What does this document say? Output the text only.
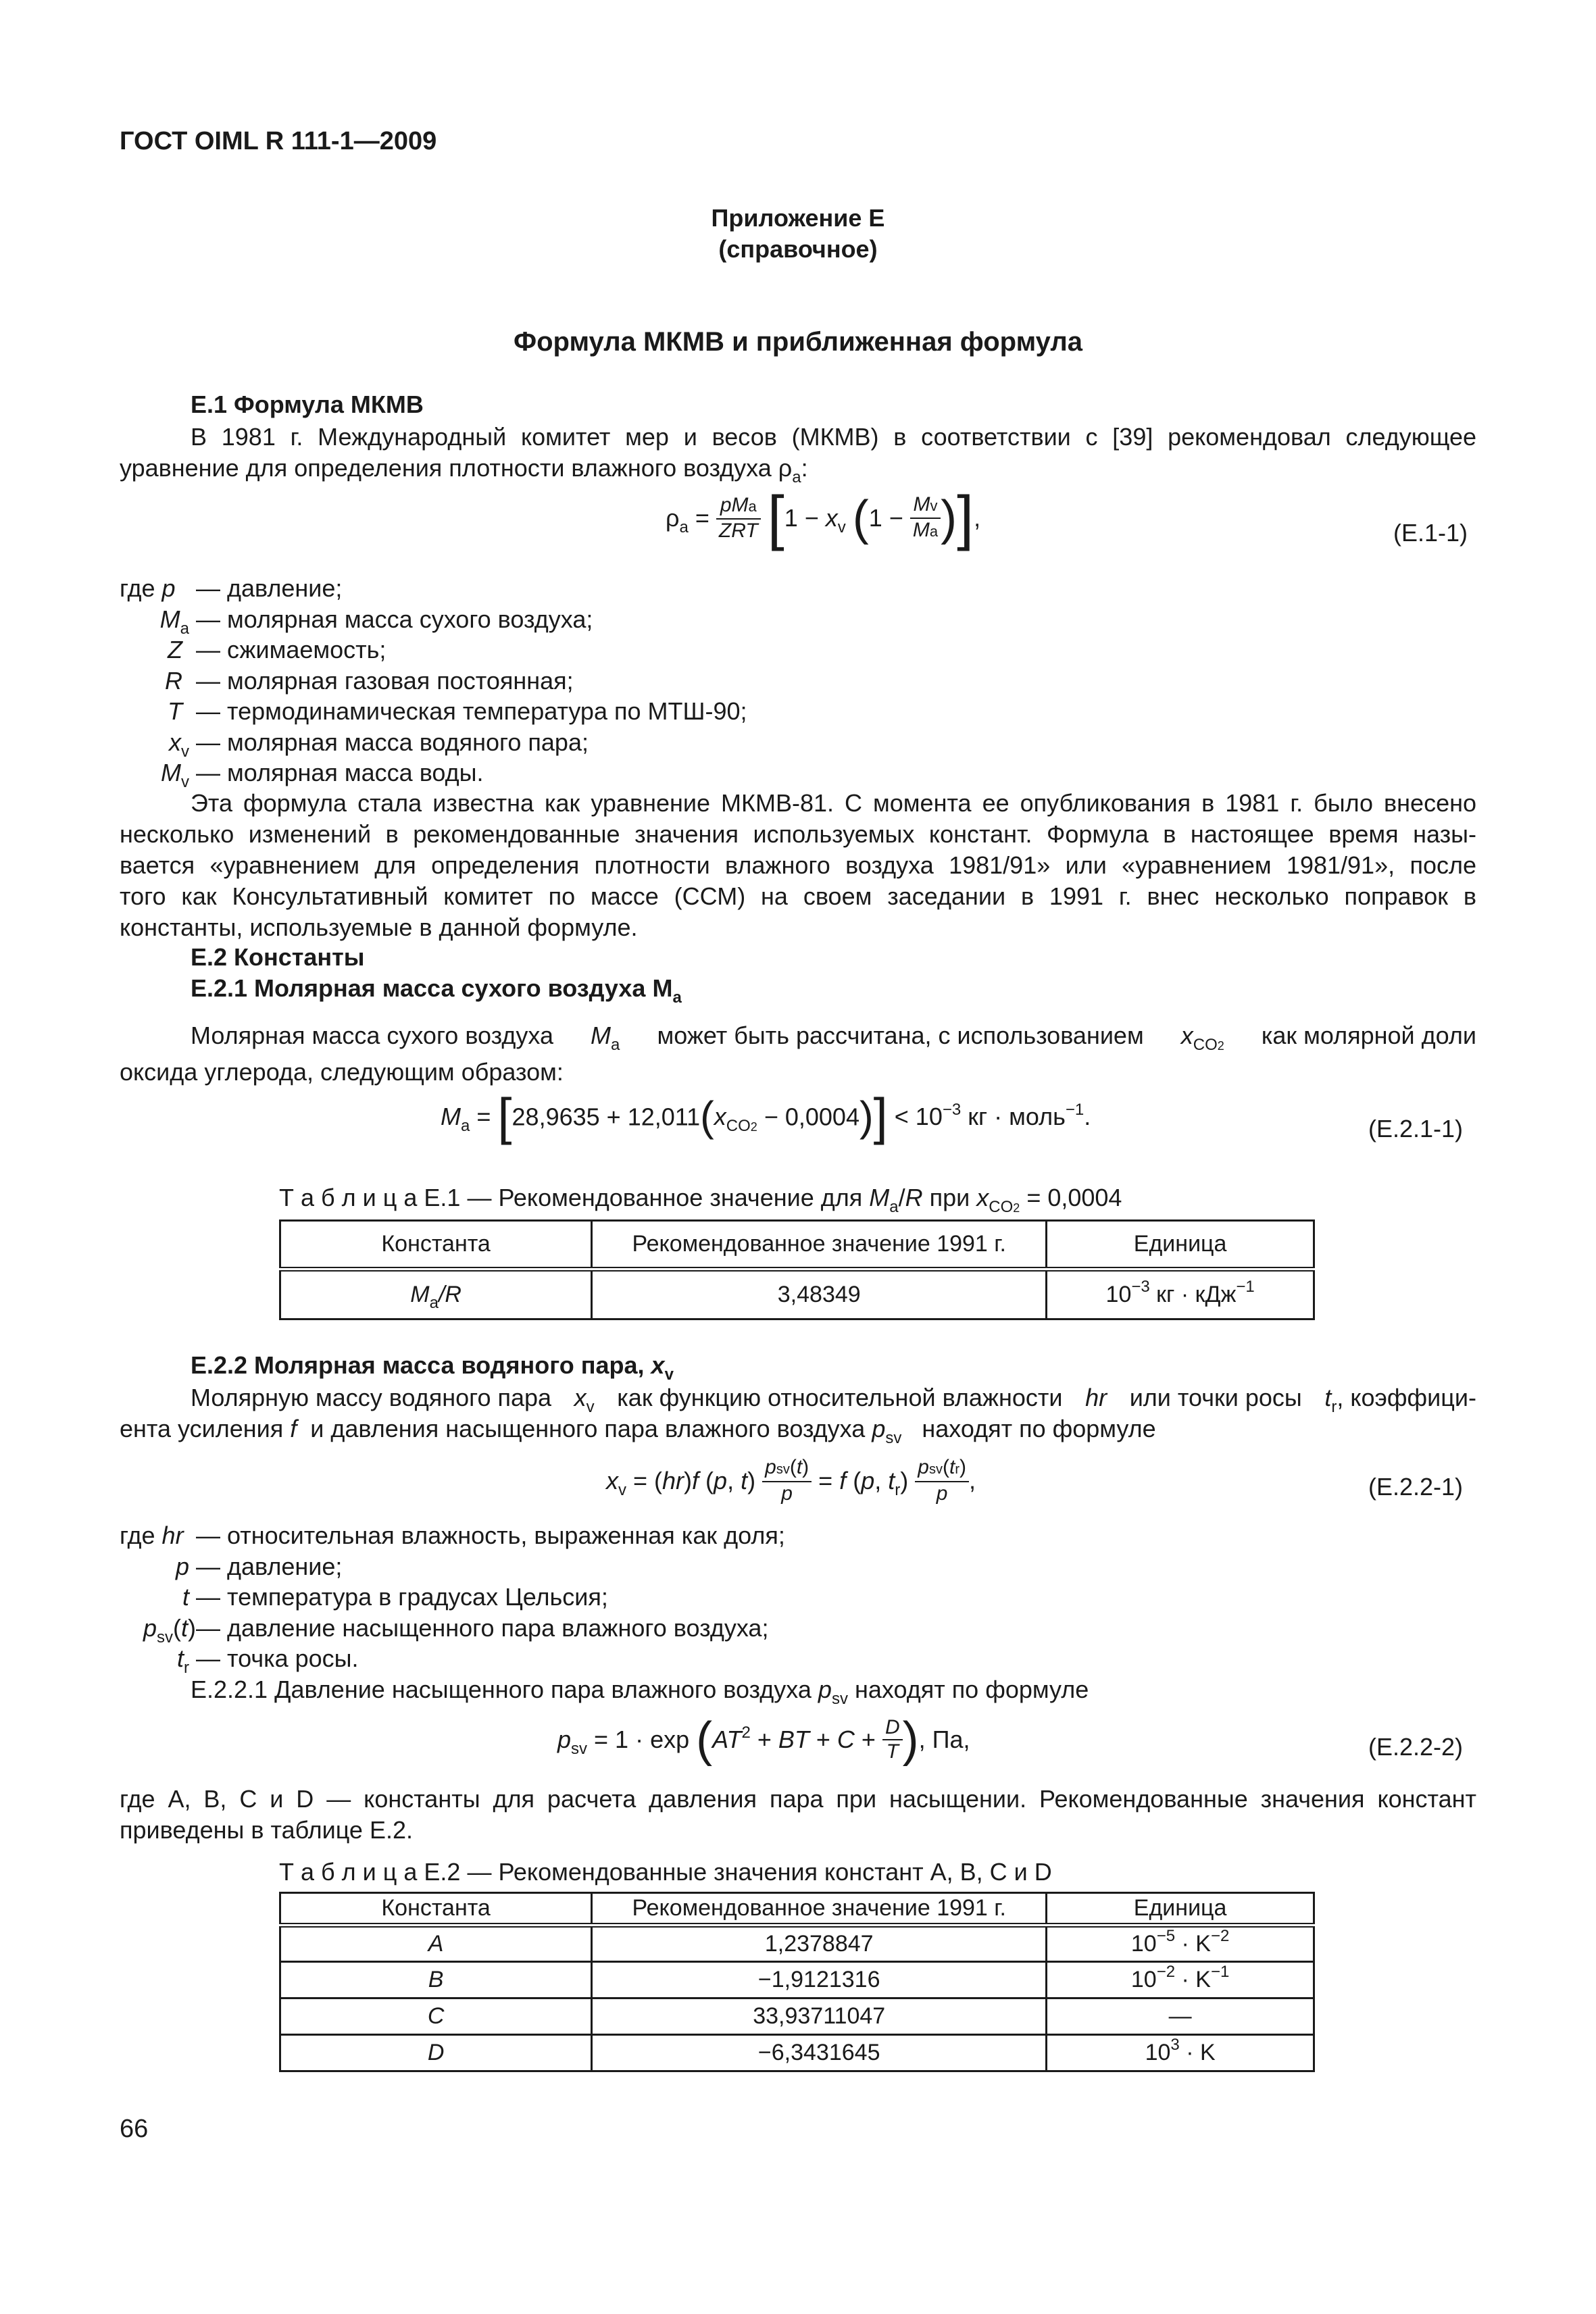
ГОСТ OIML R 111-1—2009
Приложение Е
(справочное)
Формула МКМВ и приближенная формула
Е.1 Формула МКМВ
В 1981 г. Международный комитет мер и весов (МКМВ) в соответствии с [39] рекомендовал следующее
уравнение для определения плотности влажного воздуха $\rho_a$:
$\rho_a = \frac{\text{pMa}}{\text{ZRT}} [1 - x_v$ ($1 - \frac{Mv}{Ma}$ )],
(Е.1-1)
где p — давление;
$M_a$ — молярная масса сухого воздуха;
Z — сжимаемость;
R — молярная газовая постоянная;
T — термодинамическая температура по МТШ-90;
$x_v$ — молярная масса водяного пара;
$M_v$ — молярная масса воды.
Эта формула стала известна как уравнение МКМВ-81. С момента ее опубликования в 1981 г. было внесено
несколько изменений в рекомендованные значения используемых констант. Формула в настоящее время назы-
вается «уравнением для определения плотности влажного воздуха 1981/91» или «уравнением 1981/91», после
того как Консультативный комитет по массе (ССМ) на своем заседании в 1991 г. внес несколько поправок в
константы, используемые в данной формуле.
Е.2 Константы
Е.2.1 Молярная масса сухого воздуха $M_a$
Молярная масса сухого воздуха $M_a$ может быть рассчитана, с использованием $x_{CO2}$ как молярной доли
оксида углерода, следующим образом:
$M_a = [28,9635 + 12,011(x_{CO2} - 0,0004)] < 10^{-3}$ кг · моль$^{-1}$.	(Е.2.1-1)
Т а б л и ц а Е.1 — Рекомендованное значение для $M_a/R$ при $x_{CO2} = 0,0004$
Константа	Рекомендованное значение 1991 г.	Единица
$M_a/R$	3,48349	$10^{-3}$ кг · кДж$^{-1}$
Е.2.2 Молярная масса водяного пара, $x_v$
Молярную массу водяного пара $x_v$ как функцию относительной влажности hr или точки росы $t_r$, коэффици-
ента усиления f и давления насыщенного пара влажного воздуха $p_{sv}$ находят по формуле
$x_v = (hr)f$ (p, $t) \frac{\text{psv(t)}}{p} = f$ (p, $t_r) \frac{\text{psv(tr)}}{p}$ ,	(Е.2.2-1)
где hr — относительная влажность, выраженная как доля;
p — давление;
t — температура в градусах Цельсия;
$p_{sv}(t)—$ давление насыщенного пара влажного воздуха;
$t_r$ — точка росы.
Е.2.2.1 Давление насыщенного пара влажного воздуха $p_{sv}$ находят по формуле
$p_{sv} = 1 \cdot \exp (AT^2$ + BT + $C + \frac{D}{T}$ ), Па,	(Е.2.2-2)
где A, B, C и D — константы для расчета давления пара при насыщении. Рекомендованные значения констант
приведены в таблице Е.2.
Т а б л и ц а Е.2 — Рекомендованные значения констант A, B, C и D
Константа	Рекомендованное значение 1991 г.	Единица
A	1,2378847	$10^{-5} \cdot K^{-2}$
B	−1,9121316	$10^{-2} \cdot K^{-1}$
C	33,93711047	—
D	−6,3431645	$10^3 \cdot K$
66
